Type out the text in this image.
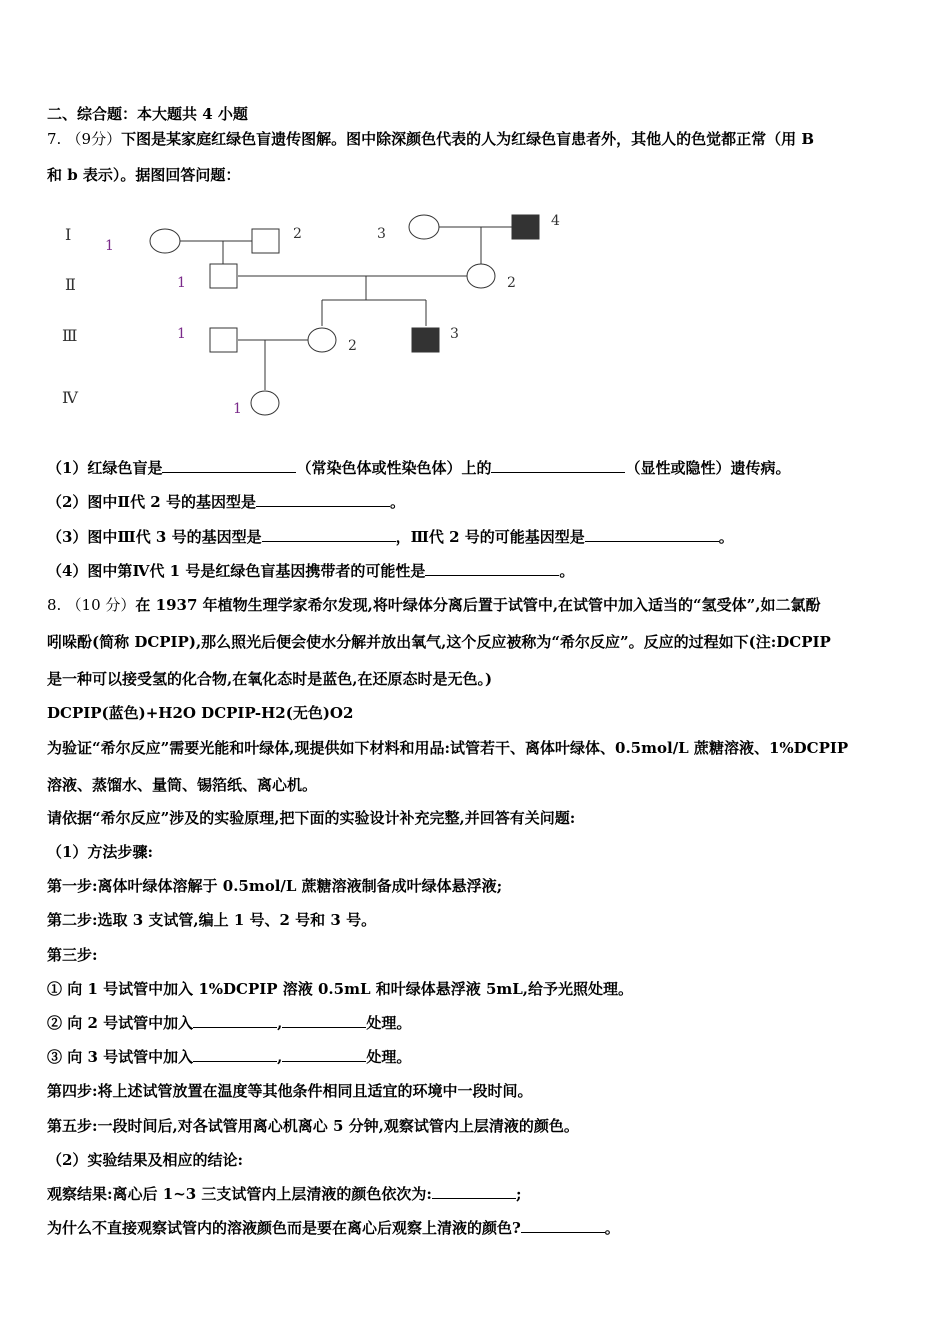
二、综合题：本大题共 4 小题
7. （9分）下图是某家庭红绿色盲遗传图解。图中除深颜色代表的人为红绿色盲患者外，其他人的色觉都正常（用 B
和 b 表示）。据图回答问题：
Ⅰ
Ⅱ
Ⅲ
Ⅳ
1
2	3
4
1	2
1
2
3
1
（1）红绿色盲是	（常染色体或性染色体）上的	（显性或隐性）遗传病。
（2）图中Ⅱ代 2 号的基因型是	。
（3）图中Ⅲ代 3 号的基因型是	，Ⅲ代 2 号的可能基因型是	。
（4）图中第Ⅳ代 1 号是红绿色盲基因携带者的可能性是	。
8. （10 分）在 1937 年植物生理学家希尔发现,将叶绿体分离后置于试管中,在试管中加入适当的“氢受体”,如二氯酚
吲哚酚(简称 DCPIP),那么照光后便会使水分解并放出氧气,这个反应被称为“希尔反应”。反应的过程如下(注:DCPIP
是一种可以接受氢的化合物,在氧化态时是蓝色,在还原态时是无色。)
DCPIP(蓝色)+H2O DCPIP-H2(无色)O2
为验证“希尔反应”需要光能和叶绿体,现提供如下材料和用品:试管若干、离体叶绿体、0.5mol/L 蔗糖溶液、1%DCPIP
溶液、蒸馏水、量筒、锡箔纸、离心机。
请依据“希尔反应”涉及的实验原理,把下面的实验设计补充完整,并回答有关问题:
（1）方法步骤:
第一步:离体叶绿体溶解于 0.5mol/L 蔗糖溶液制备成叶绿体悬浮液;
第二步:选取 3 支试管,编上 1 号、2 号和 3 号。
第三步:
① 向 1 号试管中加入 1%DCPIP 溶液 0.5mL 和叶绿体悬浮液 5mL,给予光照处理。
② 向 2 号试管中加入	,	处理。
③ 向 3 号试管中加入	,	处理。
第四步:将上述试管放置在温度等其他条件相同且适宜的环境中一段时间。
第五步:一段时间后,对各试管用离心机离心 5 分钟,观察试管内上层清液的颜色。
（2）实验结果及相应的结论:
观察结果:离心后 1~3 三支试管内上层清液的颜色依次为:	;
为什么不直接观察试管内的溶液颜色而是要在离心后观察上清液的颜色?	。
